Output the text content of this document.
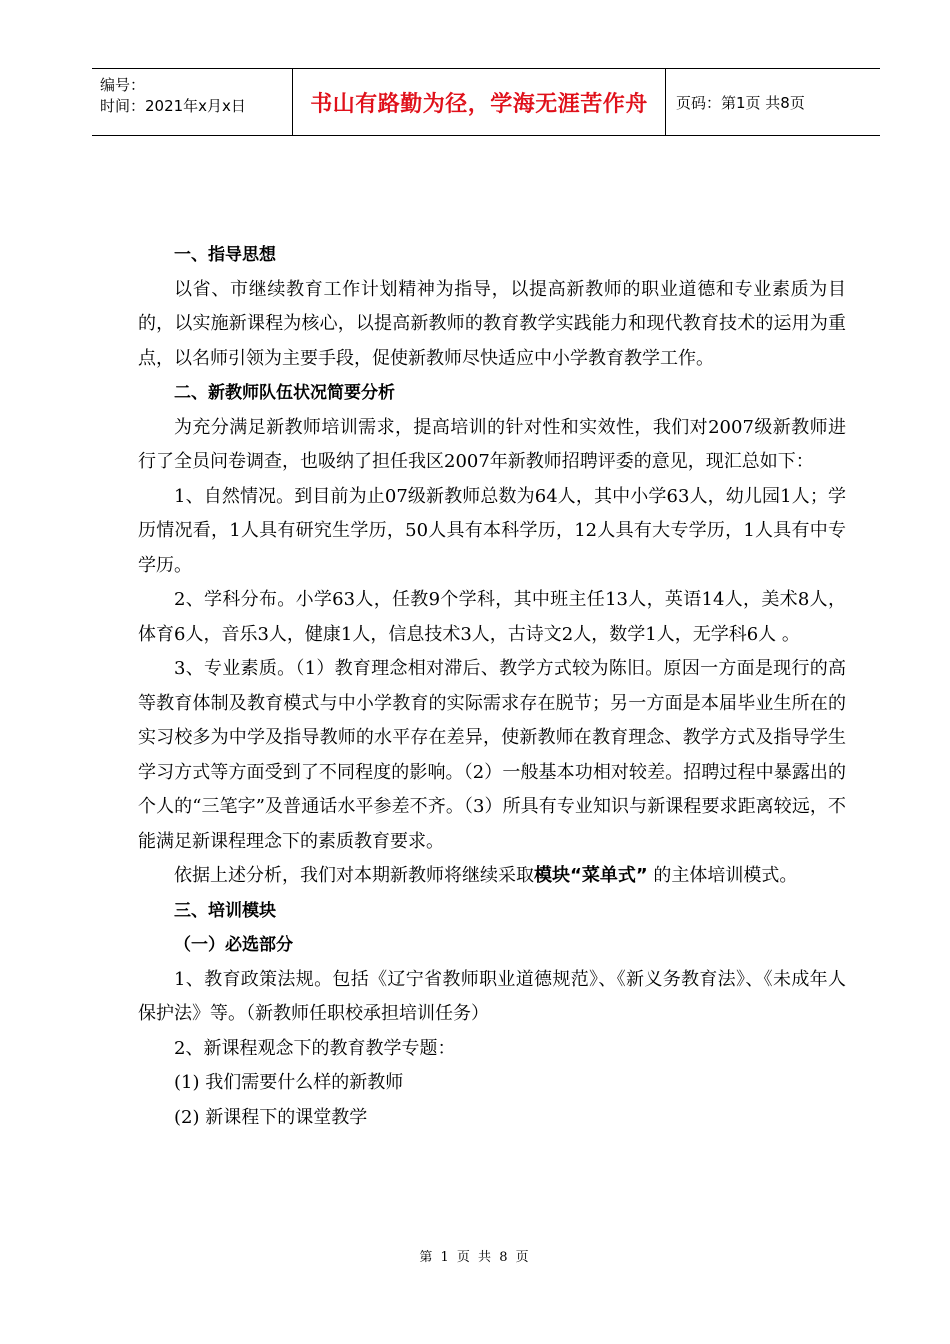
编号：
时间：2021年x月x日	书山有路勤为径，学海无涯苦作舟	页码：第1页 共8页

一、指导思想

以省、市继续教育工作计划精神为指导，以提高新教师的职业道德和专业素质为目的，以实施新课程为核心，以提高新教师的教育教学实践能力和现代教育技术的运用为重点，以名师引领为主要手段，促使新教师尽快适应中小学教育教学工作。

二、新教师队伍状况简要分析

为充分满足新教师培训需求，提高培训的针对性和实效性，我们对2007级新教师进行了全员问卷调查，也吸纳了担任我区2007年新教师招聘评委的意见，现汇总如下：

1、自然情况。到目前为止07级新教师总数为64人，其中小学63人，幼儿园1人；学历情况看，1人具有研究生学历，50人具有本科学历，12人具有大专学历，1人具有中专学历。

2、学科分布。小学63人，任教9个学科，其中班主任13人，英语14人，美术8人，体育6人，音乐3人，健康1人，信息技术3人，古诗文2人，数学1人，无学科6人 。

3、专业素质。（1）教育理念相对滞后、教学方式较为陈旧。原因一方面是现行的高等教育体制及教育模式与中小学教育的实际需求存在脱节；另一方面是本届毕业生所在的实习校多为中学及指导教师的水平存在差异，使新教师在教育理念、教学方式及指导学生学习方式等方面受到了不同程度的影响。（2）一般基本功相对较差。招聘过程中暴露出的个人的“三笔字”及普通话水平参差不齐。（3）所具有专业知识与新课程要求距离较远，不能满足新课程理念下的素质教育要求。

依据上述分析，我们对本期新教师将继续采取模块“菜单式” 的主体培训模式。

三、培训模块

（一）必选部分

1、教育政策法规。包括《辽宁省教师职业道德规范》、《新义务教育法》、《未成年人保护法》等。（新教师任职校承担培训任务）

2、新课程观念下的教育教学专题：

(1) 我们需要什么样的新教师

(2) 新课程下的课堂教学

第 1 页 共 8 页
